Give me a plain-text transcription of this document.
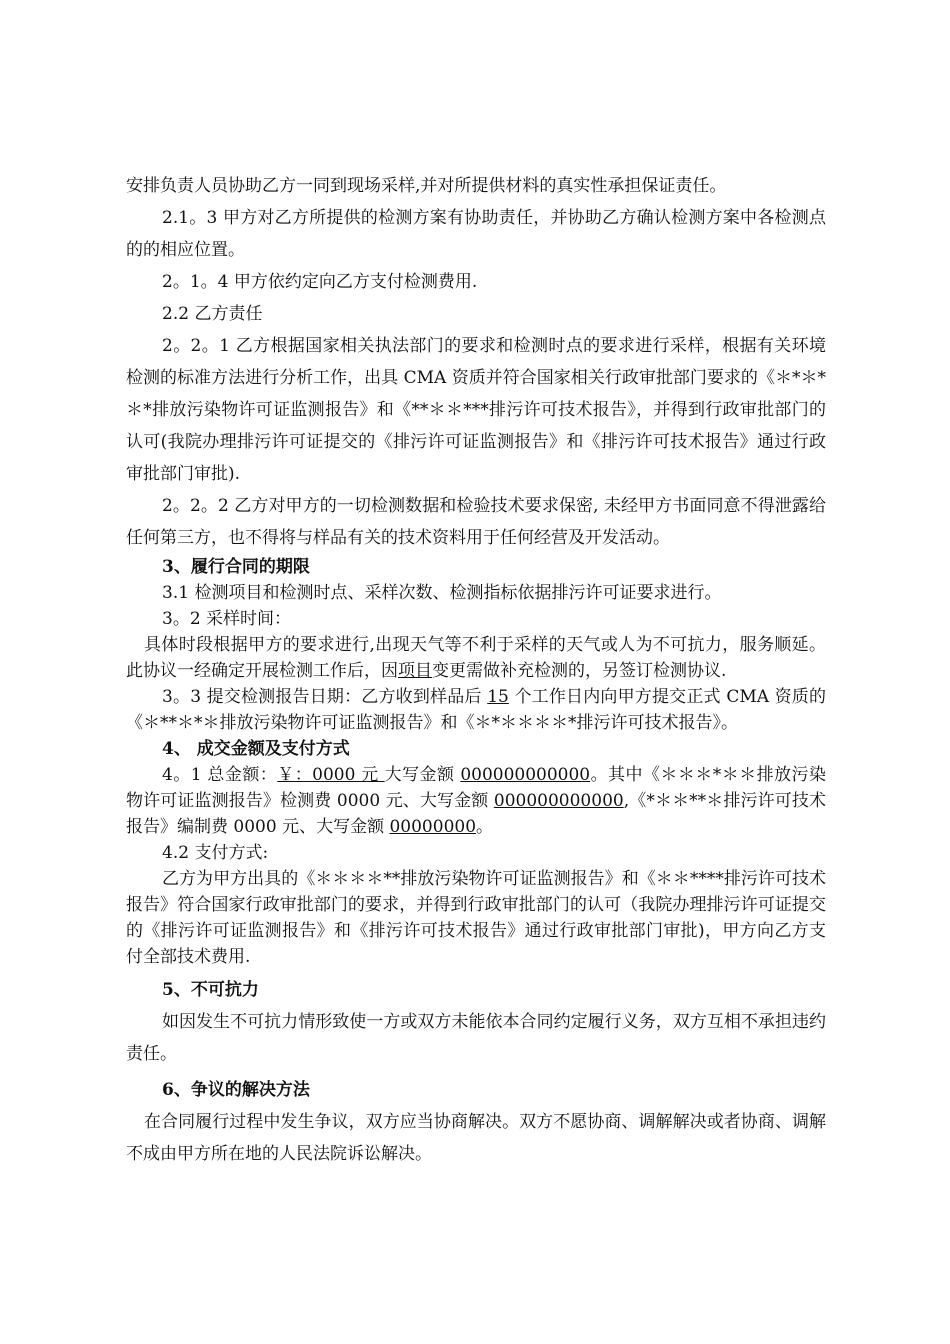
安排负责人员协助乙方一同到现场采样,并对所提供材料的真实性承担保证责任。

2.1。3 甲方对乙方所提供的检测方案有协助责任，并协助乙方确认检测方案中各检测点的的相应位置。

2。1。4 甲方依约定向乙方支付检测费用.

2.2 乙方责任

2。2。1 乙方根据国家相关执法部门的要求和检测时点的要求进行采样，根据有关环境检测的标准方法进行分析工作，出具 CMA 资质并符合国家相关行政审批部门要求的《＊*＊*＊*排放污染物许可证监测报告》和《**＊＊***排污许可技术报告》，并得到行政审批部门的认可(我院办理排污许可证提交的《排污许可证监测报告》和《排污许可技术报告》通过行政审批部门审批).

2。2。2 乙方对甲方的一切检测数据和检验技术要求保密, 未经甲方书面同意不得泄露给任何第三方，也不得将与样品有关的技术资料用于任何经营及开发活动。

3、履行合同的期限

3.1 检测项目和检测时点、采样次数、检测指标依据排污许可证要求进行。

3。2 采样时间：

具体时段根据甲方的要求进行,出现天气等不利于采样的天气或人为不可抗力，服务顺延。此协议一经确定开展检测工作后，因项目变更需做补充检测的，另签订检测协议.

3。3 提交检测报告日期：乙方收到样品后 15 个工作日内向甲方提交正式 CMA 资质的《＊**＊*＊排放污染物许可证监测报告》和《＊*＊＊＊＊*排污许可技术报告》。

4、 成交金额及支付方式

4。1 总金额：￥：0000 元 大写金额 000000000000。其中《＊＊＊*＊＊排放污染物许可证监测报告》检测费 0000 元、大写金额 000000000000,《*＊＊**＊排污许可技术报告》编制费 0000 元、大写金额 00000000。

4.2 支付方式:

乙方为甲方出具的《＊＊＊＊**排放污染物许可证监测报告》和《＊＊****排污许可技术报告》符合国家行政审批部门的要求，并得到行政审批部门的认可（我院办理排污许可证提交的《排污许可证监测报告》和《排污许可技术报告》通过行政审批部门审批)，甲方向乙方支付全部技术费用.

5、不可抗力

如因发生不可抗力情形致使一方或双方未能依本合同约定履行义务，双方互相不承担违约责任。

6、争议的解决方法

在合同履行过程中发生争议，双方应当协商解决。双方不愿协商、调解解决或者协商、调解不成由甲方所在地的人民法院诉讼解决。
